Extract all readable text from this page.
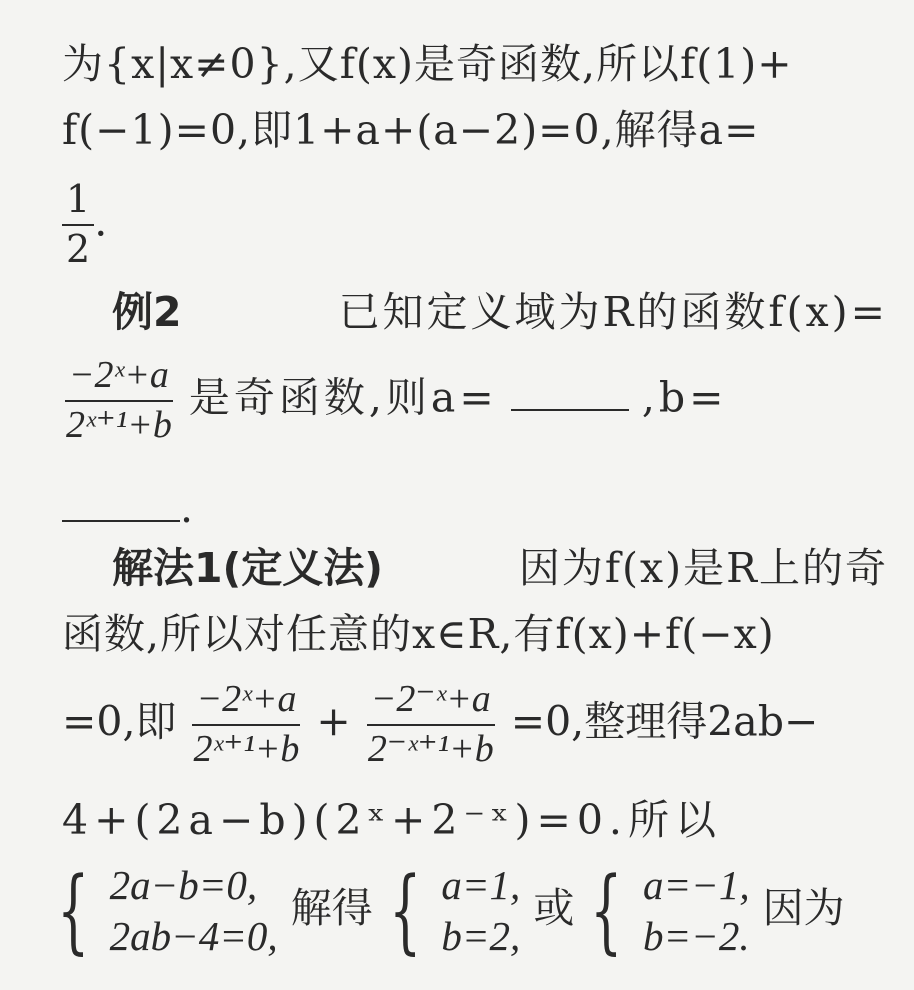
为{x|x≠0},又f(x)是奇函数,所以f(1)+
f(−1)=0,即1+a+(a−2)=0,解得a=
$\frac{1}{2}$ .
例2	已知定义域为R的函数f(x)=
$\frac{\text{−2ˣ+a}}{\text{2ˣ⁺¹+b}}$ 是奇函数,则a=	,b=
.
解法1(定义法)	因为f(x)是R上的奇
函数,所以对任意的x∈R,有f(x)+f(−x)
=0,即 $\frac{\text{−2ˣ+a}}{\text{2ˣ⁺¹+b}} + \frac{\text{−2⁻ˣ+a}}{\text{2⁻ˣ⁺¹+b}} =0$,整理得2ab−
4+(2a−b)(2ˣ+2⁻ˣ)=0.所以
{ 2a−b=0,
2ab−4=0,
解得 { a=1,
b=2,
或 { a=−1,
b=−2.
因为
